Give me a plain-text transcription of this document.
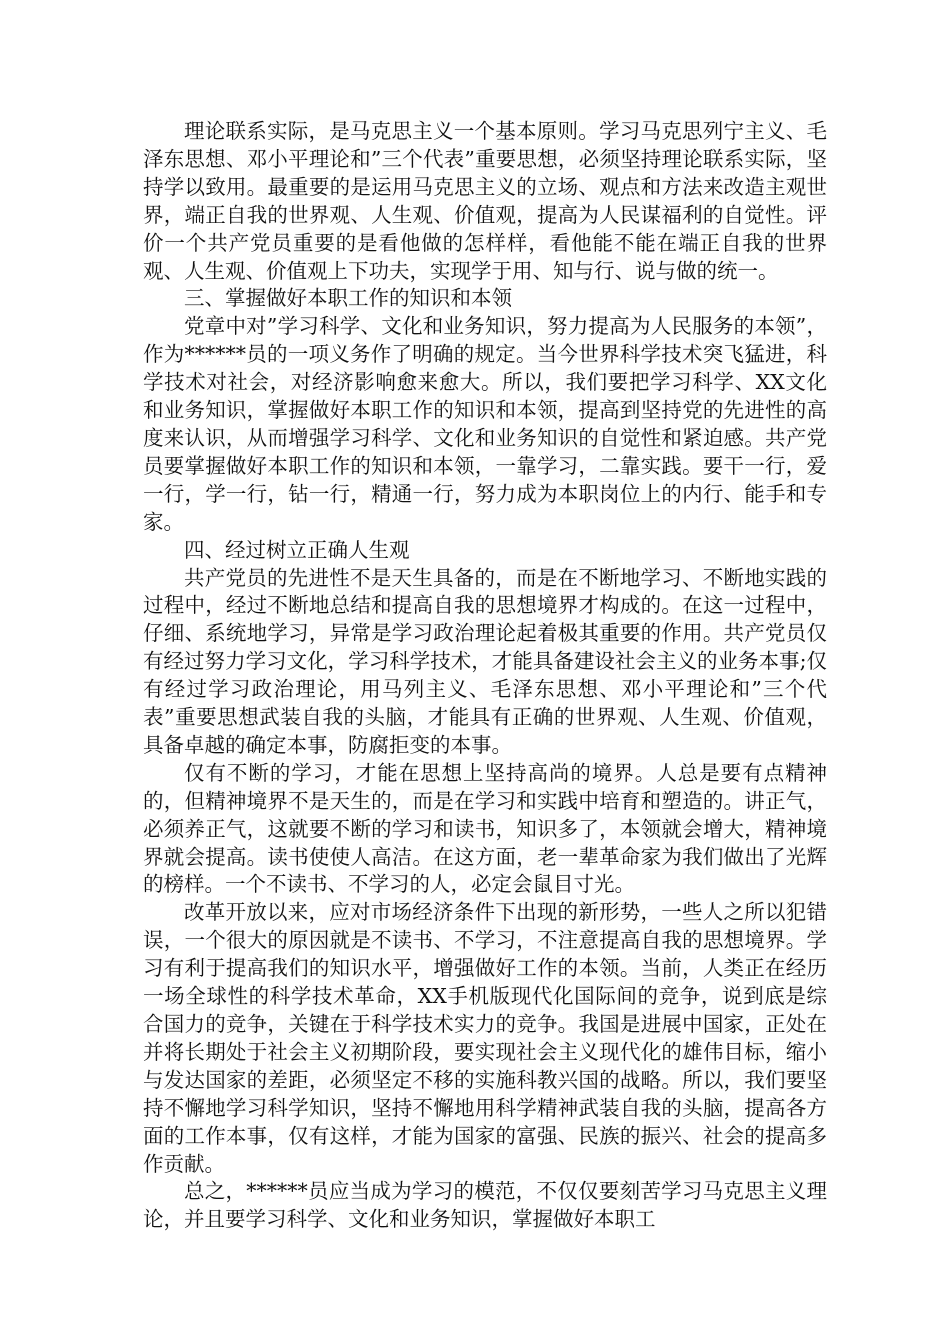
理论联系实际，是马克思主义一个基本原则。学习马克思列宁主义、毛泽东思想、邓小平理论和”三个代表”重要思想，必须坚持理论联系实际，坚持学以致用。最重要的是运用马克思主义的立场、观点和方法来改造主观世界，端正自我的世界观、人生观、价值观，提高为人民谋福利的自觉性。评价一个共产党员重要的是看他做的怎样样，看他能不能在端正自我的世界观、人生观、价值观上下功夫，实现学于用、知与行、说与做的统一。

三、掌握做好本职工作的知识和本领

党章中对”学习科学、文化和业务知识，努力提高为人民服务的本领”，作为******员的一项义务作了明确的规定。当今世界科学技术突飞猛进，科学技术对社会，对经济影响愈来愈大。所以，我们要把学习科学、XX文化和业务知识，掌握做好本职工作的知识和本领，提高到坚持党的先进性的高度来认识，从而增强学习科学、文化和业务知识的自觉性和紧迫感。共产党员要掌握做好本职工作的知识和本领，一靠学习，二靠实践。要干一行，爱一行，学一行，钻一行，精通一行，努力成为本职岗位上的内行、能手和专家。

四、经过树立正确人生观

共产党员的先进性不是天生具备的，而是在不断地学习、不断地实践的过程中，经过不断地总结和提高自我的思想境界才构成的。在这一过程中，仔细、系统地学习，异常是学习政治理论起着极其重要的作用。共产党员仅有经过努力学习文化，学习科学技术，才能具备建设社会主义的业务本事;仅有经过学习政治理论，用马列主义、毛泽东思想、邓小平理论和”三个代表”重要思想武装自我的头脑，才能具有正确的世界观、人生观、价值观，具备卓越的确定本事，防腐拒变的本事。

仅有不断的学习，才能在思想上坚持高尚的境界。人总是要有点精神的，但精神境界不是天生的，而是在学习和实践中培育和塑造的。讲正气，必须养正气，这就要不断的学习和读书，知识多了，本领就会增大，精神境界就会提高。读书使使人高洁。在这方面，老一辈革命家为我们做出了光辉的榜样。一个不读书、不学习的人，必定会鼠目寸光。

改革开放以来，应对市场经济条件下出现的新形势，一些人之所以犯错误，一个很大的原因就是不读书、不学习，不注意提高自我的思想境界。学习有利于提高我们的知识水平，增强做好工作的本领。当前，人类正在经历一场全球性的科学技术革命，XX手机版现代化国际间的竞争，说到底是综合国力的竞争，关键在于科学技术实力的竞争。我国是进展中国家，正处在并将长期处于社会主义初期阶段，要实现社会主义现代化的雄伟目标，缩小与发达国家的差距，必须坚定不移的实施科教兴国的战略。所以，我们要坚持不懈地学习科学知识，坚持不懈地用科学精神武装自我的头脑，提高各方面的工作本事，仅有这样，才能为国家的富强、民族的振兴、社会的提高多作贡献。

总之，******员应当成为学习的模范，不仅仅要刻苦学习马克思主义理论，并且要学习科学、文化和业务知识，掌握做好本职工
